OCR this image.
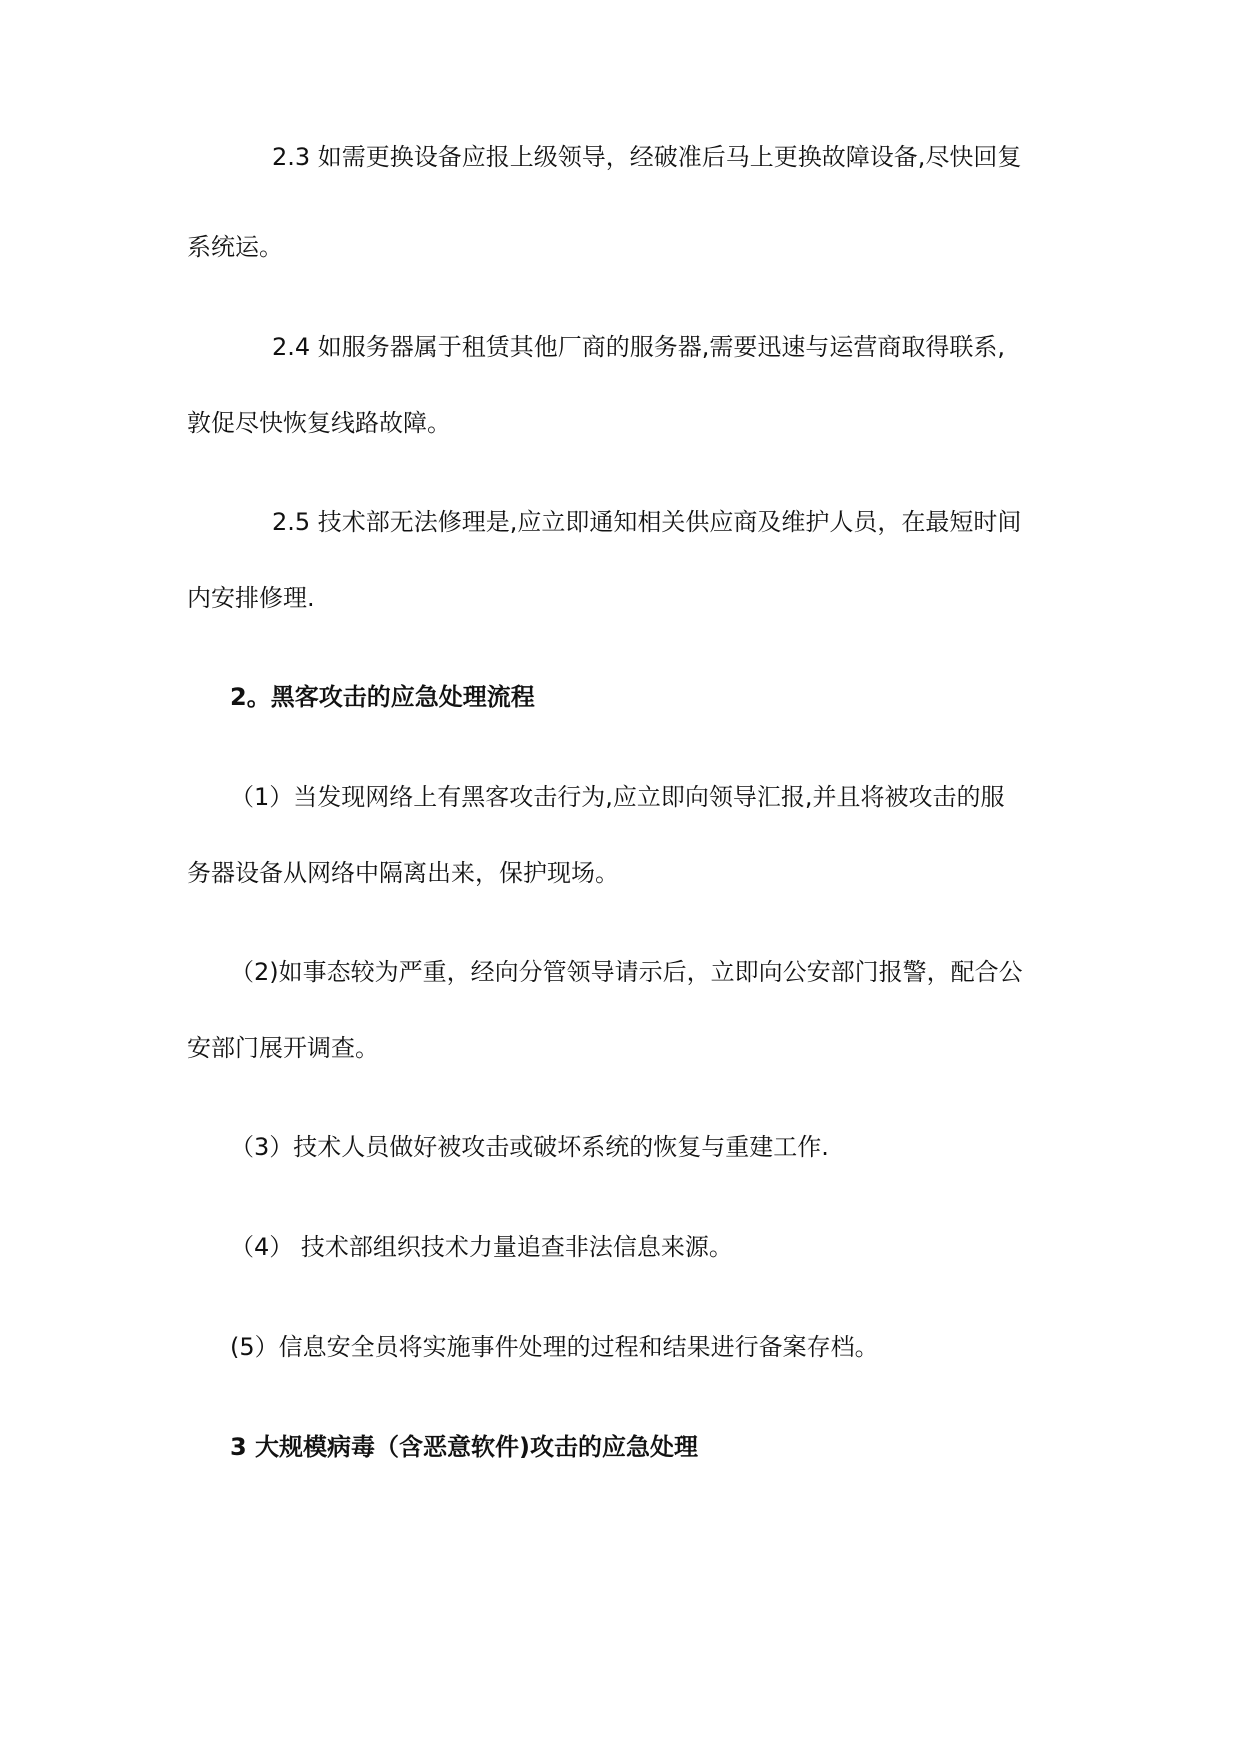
2.3 如需更换设备应报上级领导，经破准后马上更换故障设备,尽快回复
系统运。
2.4 如服务器属于租赁其他厂商的服务器,需要迅速与运营商取得联系,
敦促尽快恢复线路故障。
2.5 技术部无法修理是,应立即通知相关供应商及维护人员，在最短时间
内安排修理.
2。黑客攻击的应急处理流程
（1）当发现网络上有黑客攻击行为,应立即向领导汇报,并且将被攻击的服
务器设备从网络中隔离出来，保护现场。
（2)如事态较为严重，经向分管领导请示后，立即向公安部门报警，配合公
安部门展开调查。
（3）技术人员做好被攻击或破坏系统的恢复与重建工作.
（4） 技术部组织技术力量追查非法信息来源。
(5）信息安全员将实施事件处理的过程和结果进行备案存档。
3 大规模病毒（含恶意软件)攻击的应急处理
